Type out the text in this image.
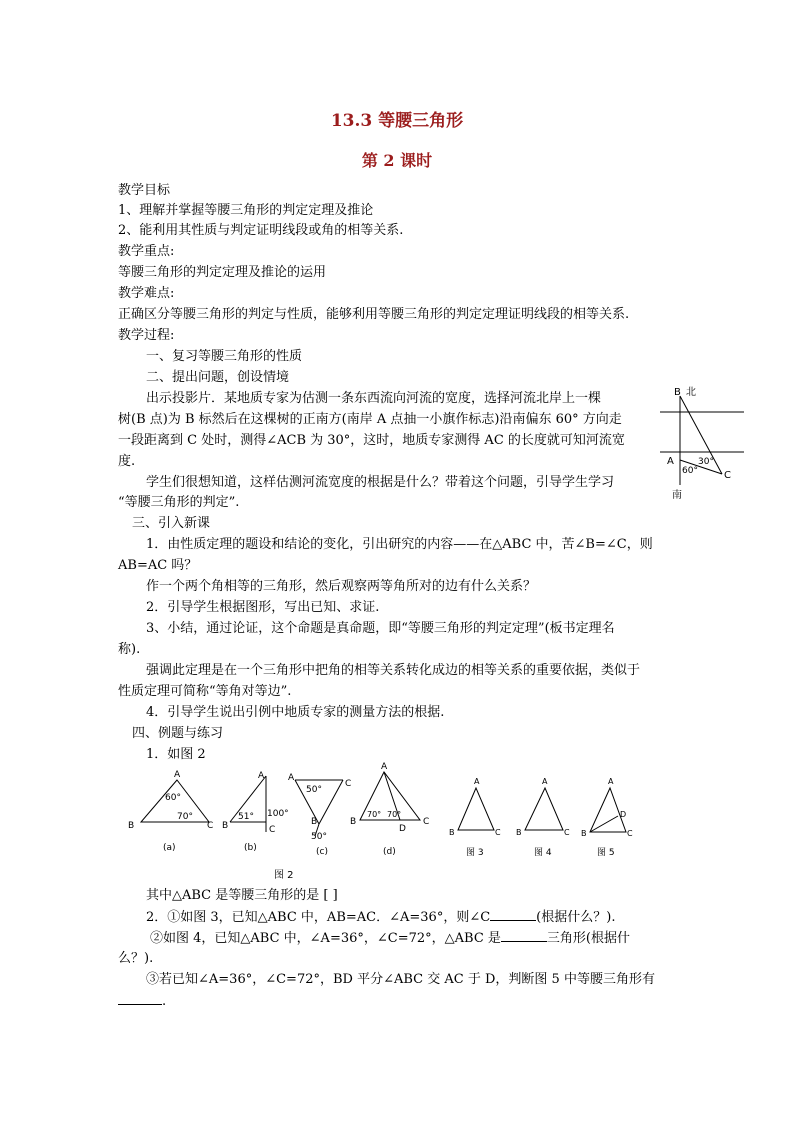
13.3 等腰三角形
第 2 课时
教学目标
1、理解并掌握等腰三角形的判定定理及推论
2、能利用其性质与判定证明线段或角的相等关系.
教学重点:
等腰三角形的判定定理及推论的运用
教学难点:
正确区分等腰三角形的判定与性质，能够利用等腰三角形的判定定理证明线段的相等关系.
教学过程:
一、复习等腰三角形的性质
二、提出问题，创设情境
出示投影片．某地质专家为估测一条东西流向河流的宽度，选择河流北岸上一棵
树(B 点)为 B 标然后在这棵树的正南方(南岸 A 点抽一小旗作标志)沿南偏东 60° 方向走
一段距离到 C 处时，测得∠ACB 为 30°，这时，地质专家测得 AC 的长度就可知河流宽
度.
学生们很想知道，这样估测河流宽度的根据是什么？带着这个问题，引导学生学习
“等腰三角形的判定”.
三、引入新课
1．由性质定理的题设和结论的变化，引出研究的内容——在△ABC 中，苦∠B=∠C，则
AB=AC 吗？
作一个两个角相等的三角形，然后观察两等角所对的边有什么关系？
2．引导学生根据图形，写出已知、求证.
3、小结，通过论证，这个命题是真命题，即“等腰三角形的判定定理”(板书定理名
称).
强调此定理是在一个三角形中把角的相等关系转化成边的相等关系的重要依据，类似于
性质定理可简称“等角对等边”.
4．引导学生说出引例中地质专家的测量方法的根据.
四、例题与练习
1．如图 2
其中△ABC 是等腰三角形的是 [ ]
2．①如图 3，已知△ABC 中，AB=AC．∠A=36°，则∠C	(根据什么？).
②如图 4，已知△ABC 中，∠A=36°，∠C=72°，△ABC 是	三角形(根据什
么？).
③若已知∠A=36°，∠C=72°，BD 平分∠ABC 交 AC 于 D，判断图 5 中等腰三角形有
.
B 北
A
C
30°
60°
南
A
B	C
60°
70°
(a)
A
B	C
51° 100°
(b)
A
C
B
50°
50°
(c)
A
B	C
D
70° 70°
(d)
A
B	C
图 3
A
B	C
图 4
A
B	C
D
图 5
图 2
